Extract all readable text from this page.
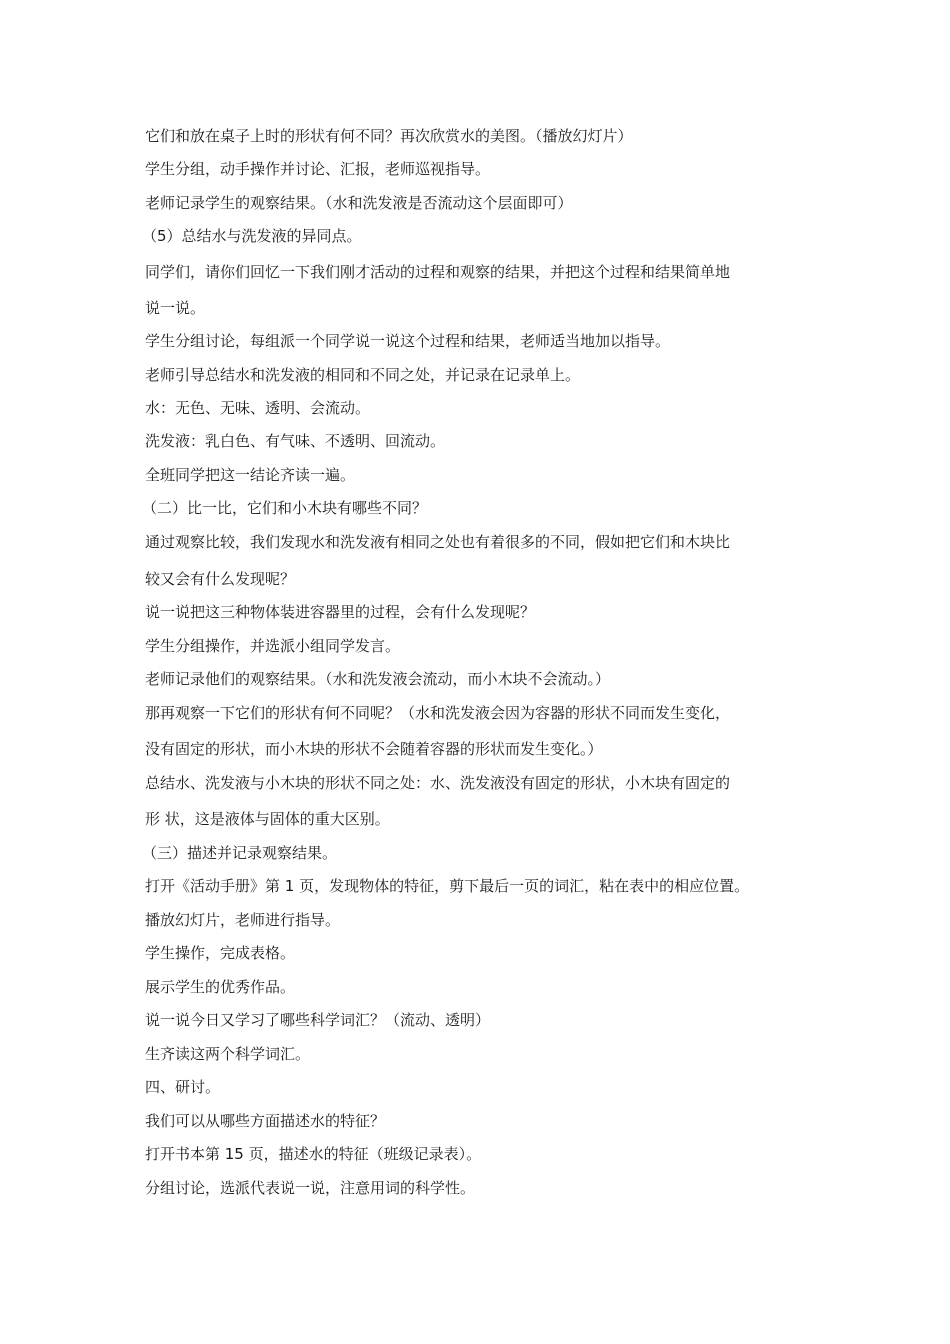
它们和放在桌子上时的形状有何不同？再次欣赏水的美图。（播放幻灯片）
学生分组，动手操作并讨论、汇报，老师巡视指导。
老师记录学生的观察结果。（水和洗发液是否流动这个层面即可）
（5）总结水与洗发液的异同点。
同学们，请你们回忆一下我们刚才活动的过程和观察的结果，并把这个过程和结果简单地
说一说。
学生分组讨论，每组派一个同学说一说这个过程和结果，老师适当地加以指导。
老师引导总结水和洗发液的相同和不同之处，并记录在记录单上。
水：无色、无味、透明、会流动。
洗发液：乳白色、有气味、不透明、回流动。
全班同学把这一结论齐读一遍。
（二）比一比，它们和小木块有哪些不同？
通过观察比较，我们发现水和洗发液有相同之处也有着很多的不同，假如把它们和木块比
较又会有什么发现呢？
说一说把这三种物体装进容器里的过程，会有什么发现呢？
学生分组操作，并选派小组同学发言。
老师记录他们的观察结果。（水和洗发液会流动，而小木块不会流动。）
那再观察一下它们的形状有何不同呢？（水和洗发液会因为容器的形状不同而发生变化，
没有固定的形状，而小木块的形状不会随着容器的形状而发生变化。）
总结水、洗发液与小木块的形状不同之处：水、洗发液没有固定的形状，小木块有固定的
形 状，这是液体与固体的重大区别。
（三）描述并记录观察结果。
打开《活动手册》第 1 页，发现物体的特征，剪下最后一页的词汇，粘在表中的相应位置。
播放幻灯片，老师进行指导。
学生操作，完成表格。
展示学生的优秀作品。
说一说今日又学习了哪些科学词汇？（流动、透明）
生齐读这两个科学词汇。
四、研讨。
我们可以从哪些方面描述水的特征？
打开书本第 15 页，描述水的特征（班级记录表）。
分组讨论，选派代表说一说，注意用词的科学性。
